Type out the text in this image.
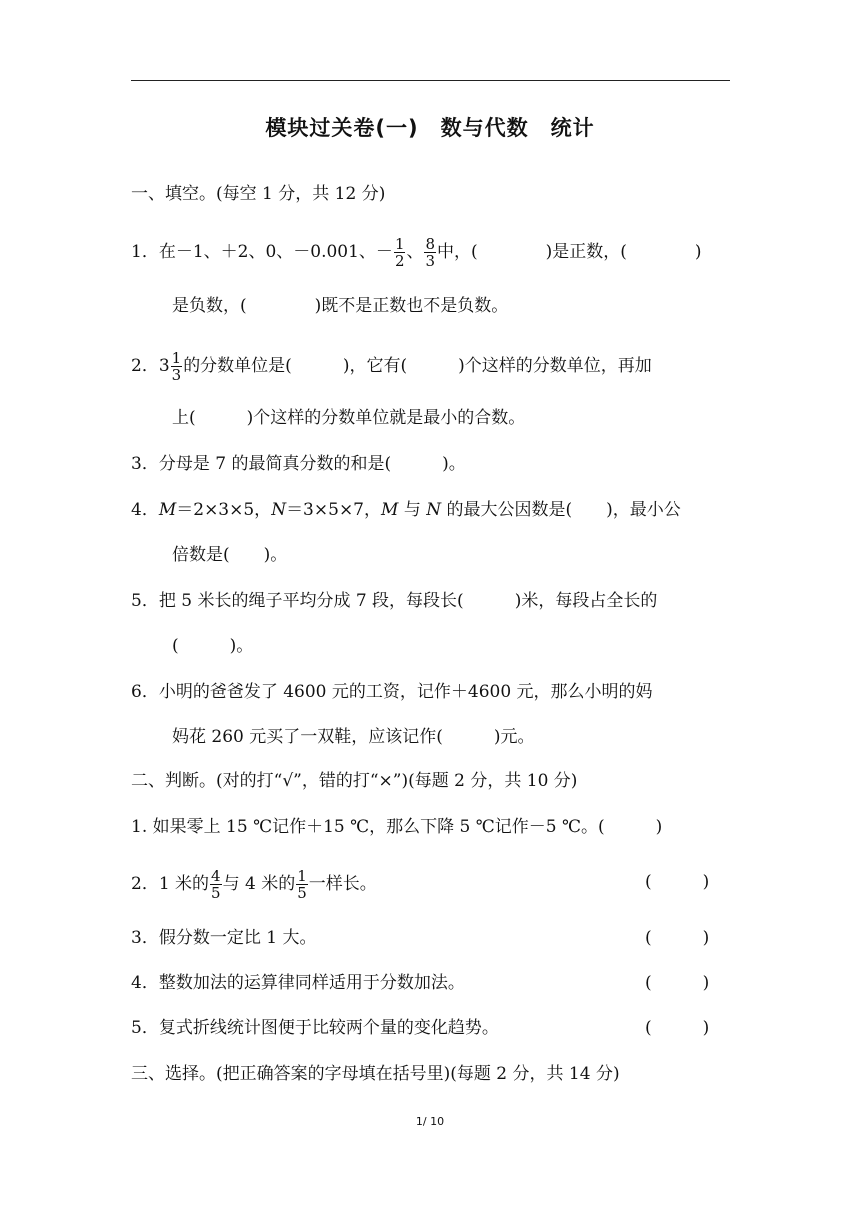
模块过关卷(一)　数与代数　统计
一、填空。(每空 1 分，共 12 分)
1．在－1、＋2、0、－0.001、－ $\frac{1}{2}$ 、 $\frac{8}{3}$ 中，(　　　　)是正数，(　　　　)
是负数，(　　　　)既不是正数也不是负数。
2．$3 \frac{1}{3}$ 的分数单位是(　　　)，它有(　　　)个这样的分数单位，再加
上(　　　)个这样的分数单位就是最小的合数。
3．分母是 7 的最简真分数的和是(　　　)。
4．M＝2×3×5，N＝3×5×7，M 与 N 的最大公因数是(　　)，最小公
倍数是(　　)。
5．把 5 米长的绳子平均分成 7 段，每段长(　　　)米，每段占全长的
(　　　)。
6．小明的爸爸发了 4600 元的工资，记作＋4600 元，那么小明的妈
妈花 260 元买了一双鞋，应该记作(　　　)元。
二、判断。(对的打“√”，错的打“×”)(每题 2 分，共 10 分)
1. 如果零上 15 ℃记作＋15 ℃，那么下降 5 ℃记作－5 ℃。(　　　)
2．1 米的 $\frac{4}{5}$ 与 4 米的 $\frac{1}{5}$ 一样长。	(　　　)
3．假分数一定比 1 大。	(　　　)
4．整数加法的运算律同样适用于分数加法。	(　　　)
5．复式折线统计图便于比较两个量的变化趋势。	(　　　)
三、选择。(把正确答案的字母填在括号里)(每题 2 分，共 14 分)
1/ 10
